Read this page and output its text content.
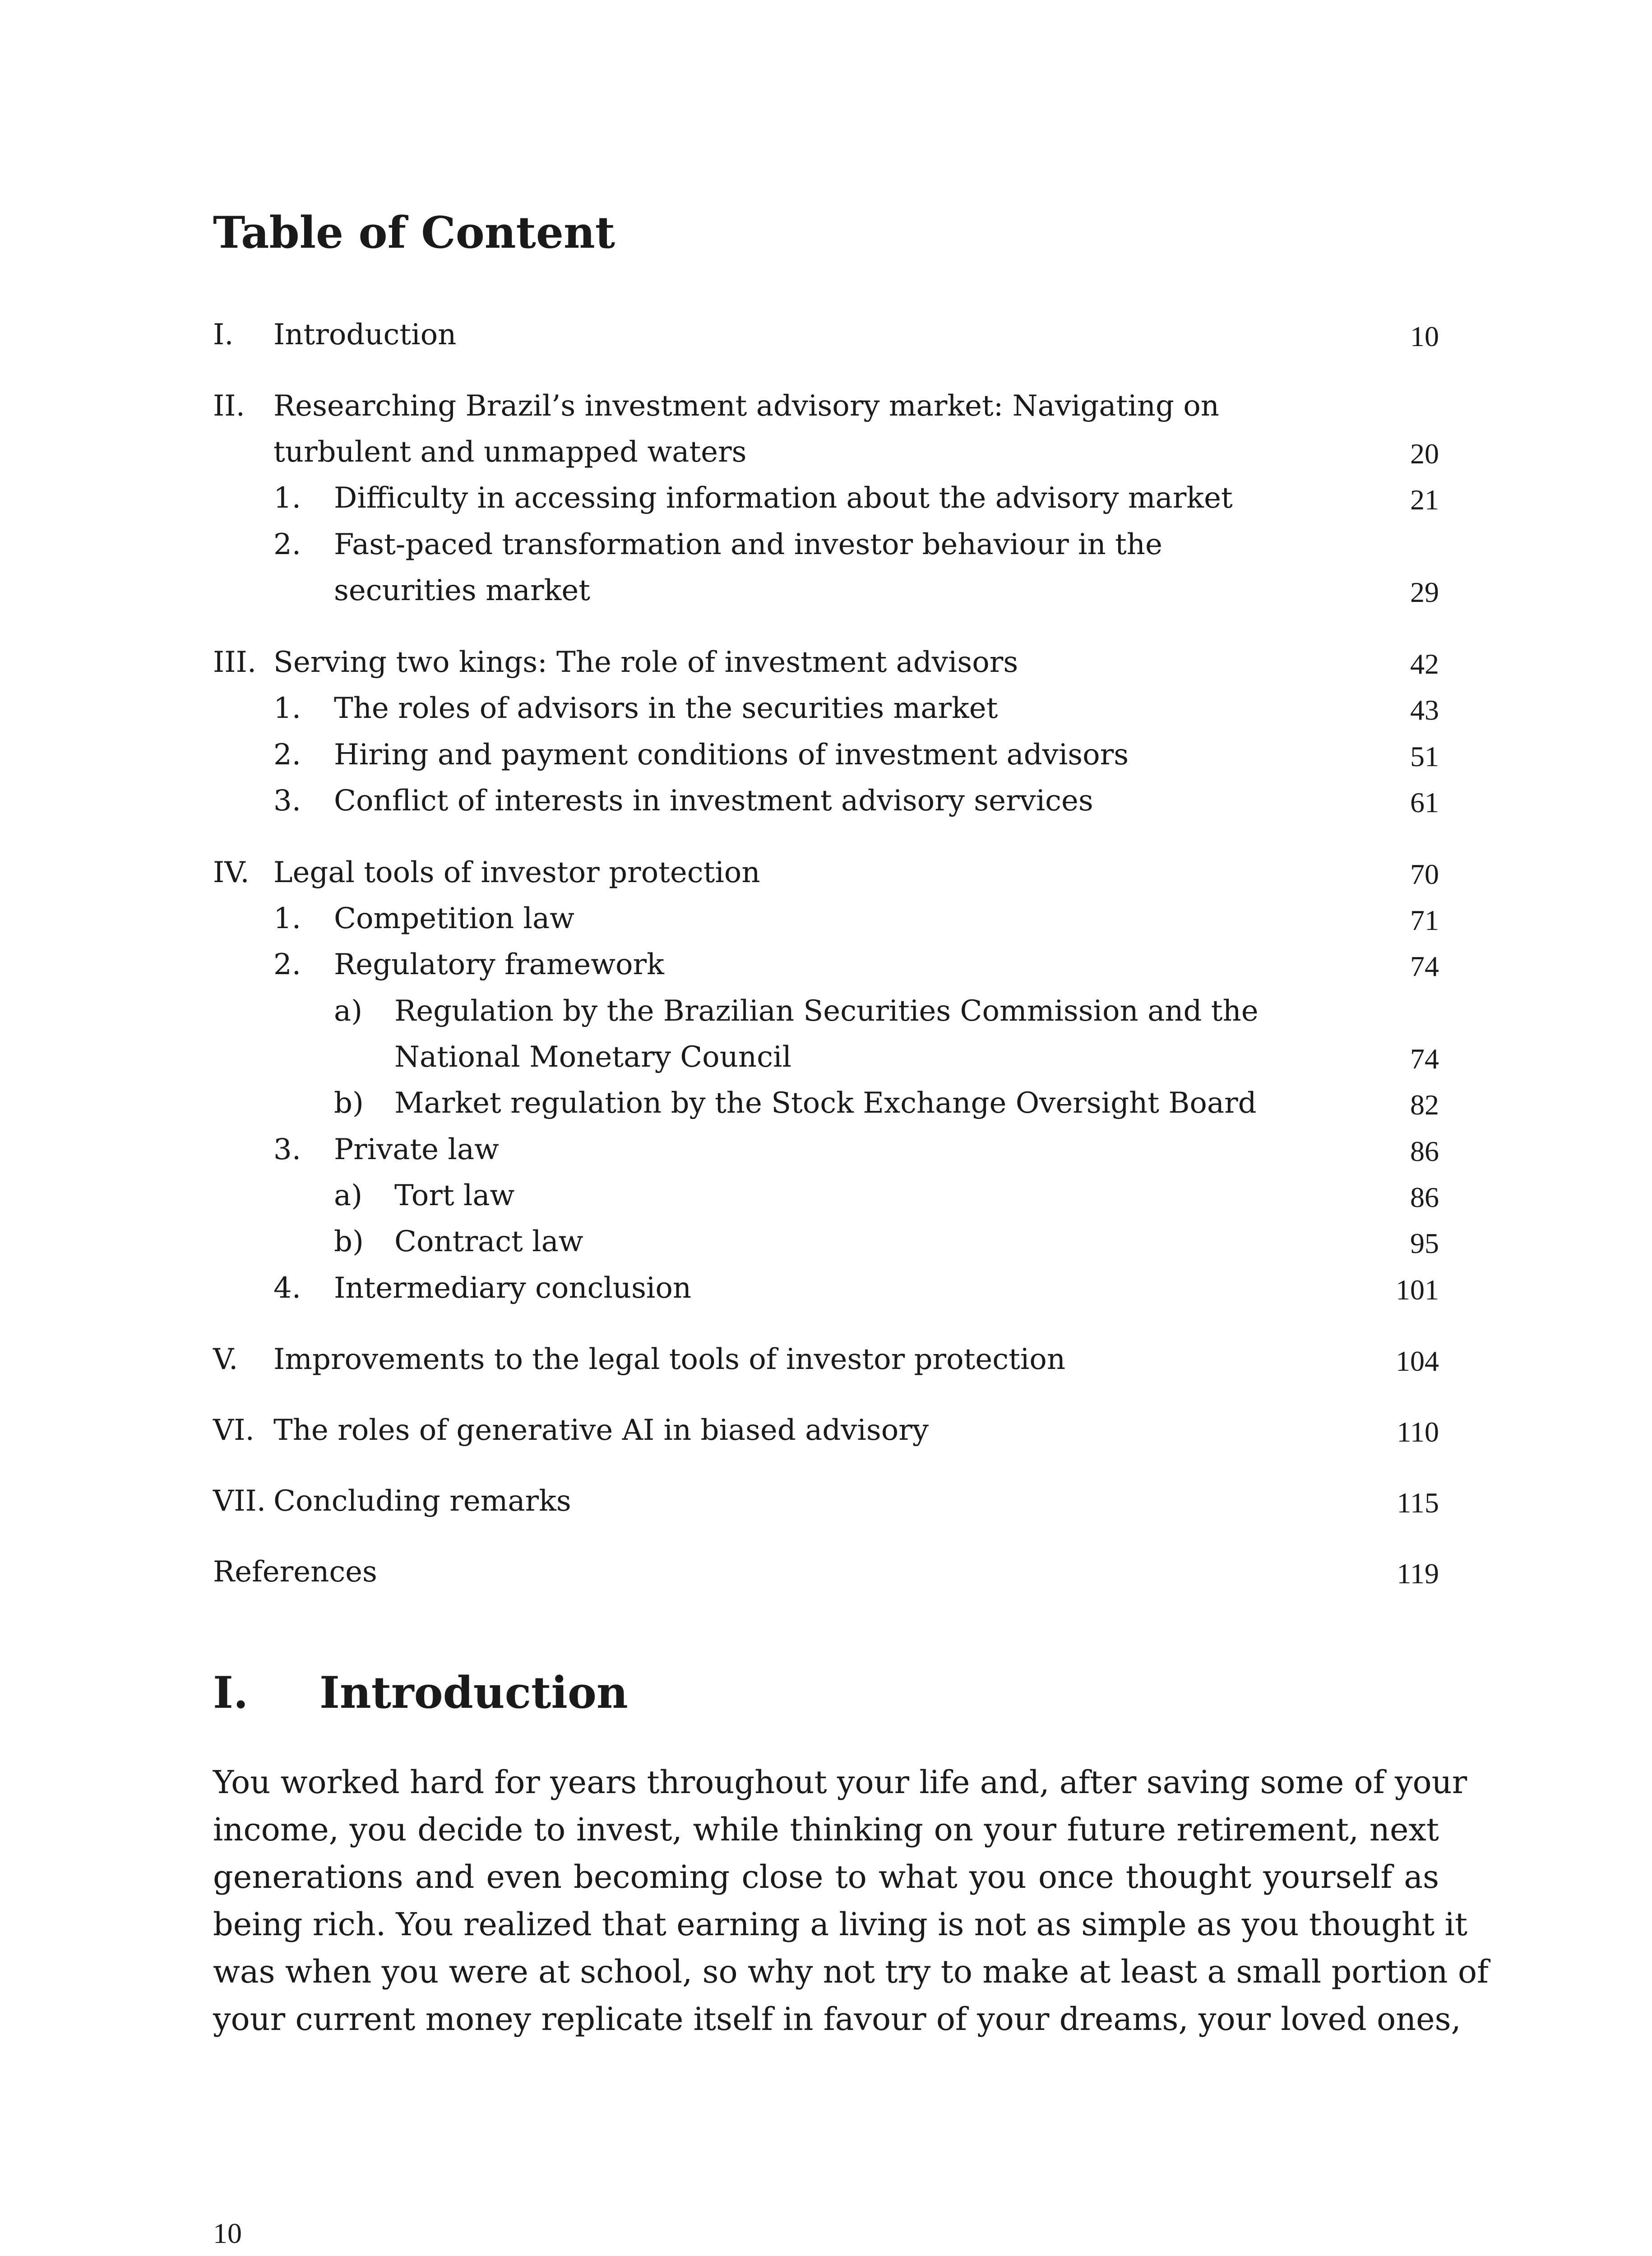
Table of Content
I. Introduction	10
II. Researching Brazil’s investment advisory market: Navigating on
turbulent and unmapped waters	20
1. Difficulty in accessing information about the advisory market	21
2. Fast-paced transformation and investor behaviour in the
securities market	29
III. Serving two kings: The role of investment advisors	42
1. The roles of advisors in the securities market	43
2. Hiring and payment conditions of investment advisors	51
3. Conflict of interests in investment advisory services	61
IV. Legal tools of investor protection	70
1. Competition law	71
2. Regulatory framework	74
a) Regulation by the Brazilian Securities Commission and the
National Monetary Council	74
b) Market regulation by the Stock Exchange Oversight Board	82
3. Private law	86
a) Tort law	86
b) Contract law	95
4. Intermediary conclusion	101
V. Improvements to the legal tools of investor protection	104
VI. The roles of generative AI in biased advisory	110
VII. Concluding remarks	115
References	119
I. Introduction
You worked hard for years throughout your life and, after saving some of your
income, you decide to invest, while thinking on your future retirement, next
generations and even becoming close to what you once thought yourself as
being rich. You realized that earning a living is not as simple as you thought it
was when you were at school, so why not try to make at least a small portion of
your current money replicate itself in favour of your dreams, your loved ones,
10
